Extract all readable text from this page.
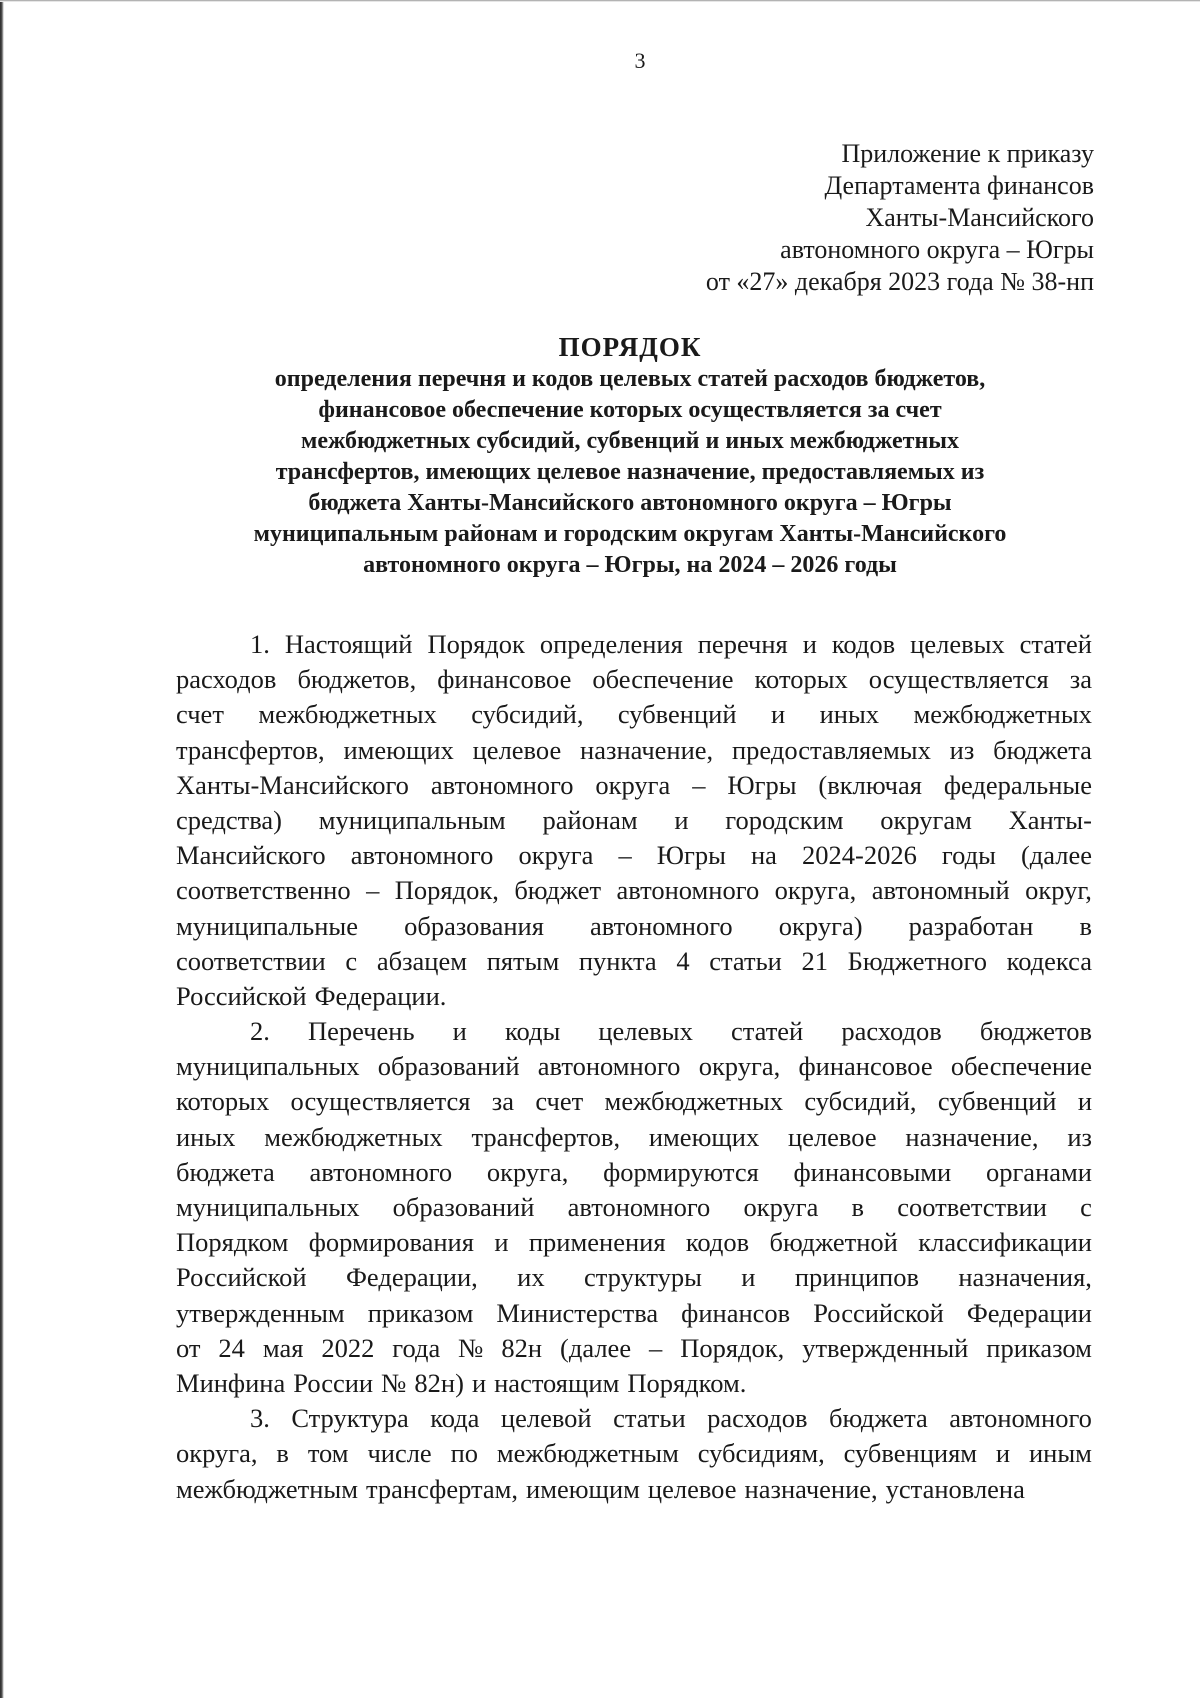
3
Приложение к приказу
Департамента финансов
Ханты-Мансийского
автономного округа – Югры
от «27» декабря 2023 года № 38-нп
ПОРЯДОК
определения перечня и кодов целевых статей расходов бюджетов,
финансовое обеспечение которых осуществляется за счет
межбюджетных субсидий, субвенций и иных межбюджетных
трансфертов, имеющих целевое назначение, предоставляемых из
бюджета Ханты-Мансийского автономного округа – Югры
муниципальным районам и городским округам Ханты-Мансийского
автономного округа – Югры, на 2024 – 2026 годы
1. Настоящий Порядок определения перечня и кодов целевых статей
расходов бюджетов, финансовое обеспечение которых осуществляется за
счет межбюджетных субсидий, субвенций и иных межбюджетных
трансфертов, имеющих целевое назначение, предоставляемых из бюджета
Ханты-Мансийского автономного округа – Югры (включая федеральные
средства) муниципальным районам и городским округам Ханты-
Мансийского автономного округа – Югры на 2024-2026 годы (далее
соответственно – Порядок, бюджет автономного округа, автономный округ,
муниципальные образования автономного округа) разработан в
соответствии с абзацем пятым пункта 4 статьи 21 Бюджетного кодекса
Российской Федерации.
2. Перечень и коды целевых статей расходов бюджетов
муниципальных образований автономного округа, финансовое обеспечение
которых осуществляется за счет межбюджетных субсидий, субвенций и
иных межбюджетных трансфертов, имеющих целевое назначение, из
бюджета автономного округа, формируются финансовыми органами
муниципальных образований автономного округа в соответствии с
Порядком формирования и применения кодов бюджетной классификации
Российской Федерации, их структуры и принципов назначения,
утвержденным приказом Министерства финансов Российской Федерации
от 24 мая 2022 года № 82н (далее – Порядок, утвержденный приказом
Минфина России № 82н) и настоящим Порядком.
3. Структура кода целевой статьи расходов бюджета автономного
округа, в том числе по межбюджетным субсидиям, субвенциям и иным
межбюджетным трансфертам, имеющим целевое назначение, установлена
